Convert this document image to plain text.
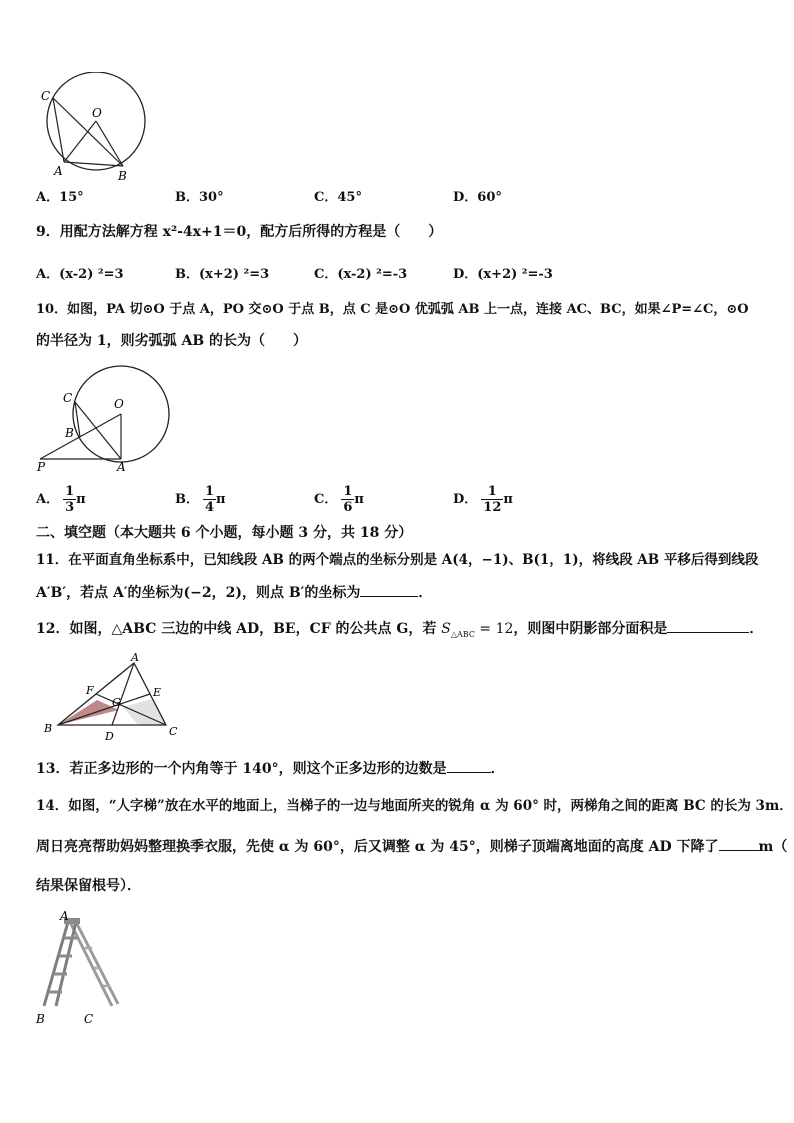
C
O
A	B
A．15°	B．30°	C．45°	D．60°
9．用配方法解方程 x²-4x+1＝0，配方后所得的方程是（　　）
A．(x-2) ²=3	B．(x+2) ²=3	C．(x-2) ²=-3	D．(x+2) ²=-3
10．如图，PA 切⊙O 于点 A，PO 交⊙O 于点 B，点 C 是⊙O 优弧弧 AB 上一点，连接 AC、BC，如果∠P=∠C，⊙O
的半径为 1，则劣弧弧 AB 的长为（　　）
C	O
B
P	A
A． $\frac{1}{3}$ π	B． $\frac{1}{4}$ π	C． $\frac{1}{6}$ π	D． $\frac{1}{12}$ π
二、填空题（本大题共 6 个小题，每小题 3 分，共 18 分）
11．在平面直角坐标系中，已知线段 AB 的两个端点的坐标分别是 A(4，−1)、B(1，1)，将线段 AB 平移后得到线段
A′B′，若点 A′的坐标为(−2，2)，则点 B′的坐标为	．
12．如图，△ABC 三边的中线 AD，BE，CF 的公共点 G，若 $S_{\triangle ABC} = 12$，则图中阴影部分面积是	．
A
F	E
G
B
D	C
13．若正多边形的一个内角等于 140°，则这个正多边形的边数是	．
14．如图，“人字梯”放在水平的地面上，当梯子的一边与地面所夹的锐角 α 为 60° 时，两梯角之间的距离 BC 的长为 3m．
周日亮亮帮助妈妈整理换季衣服，先使 α 为 60°，后又调整 α 为 45°，则梯子顶端离地面的高度 AD 下降了	m（
结果保留根号）．
A
B	C
